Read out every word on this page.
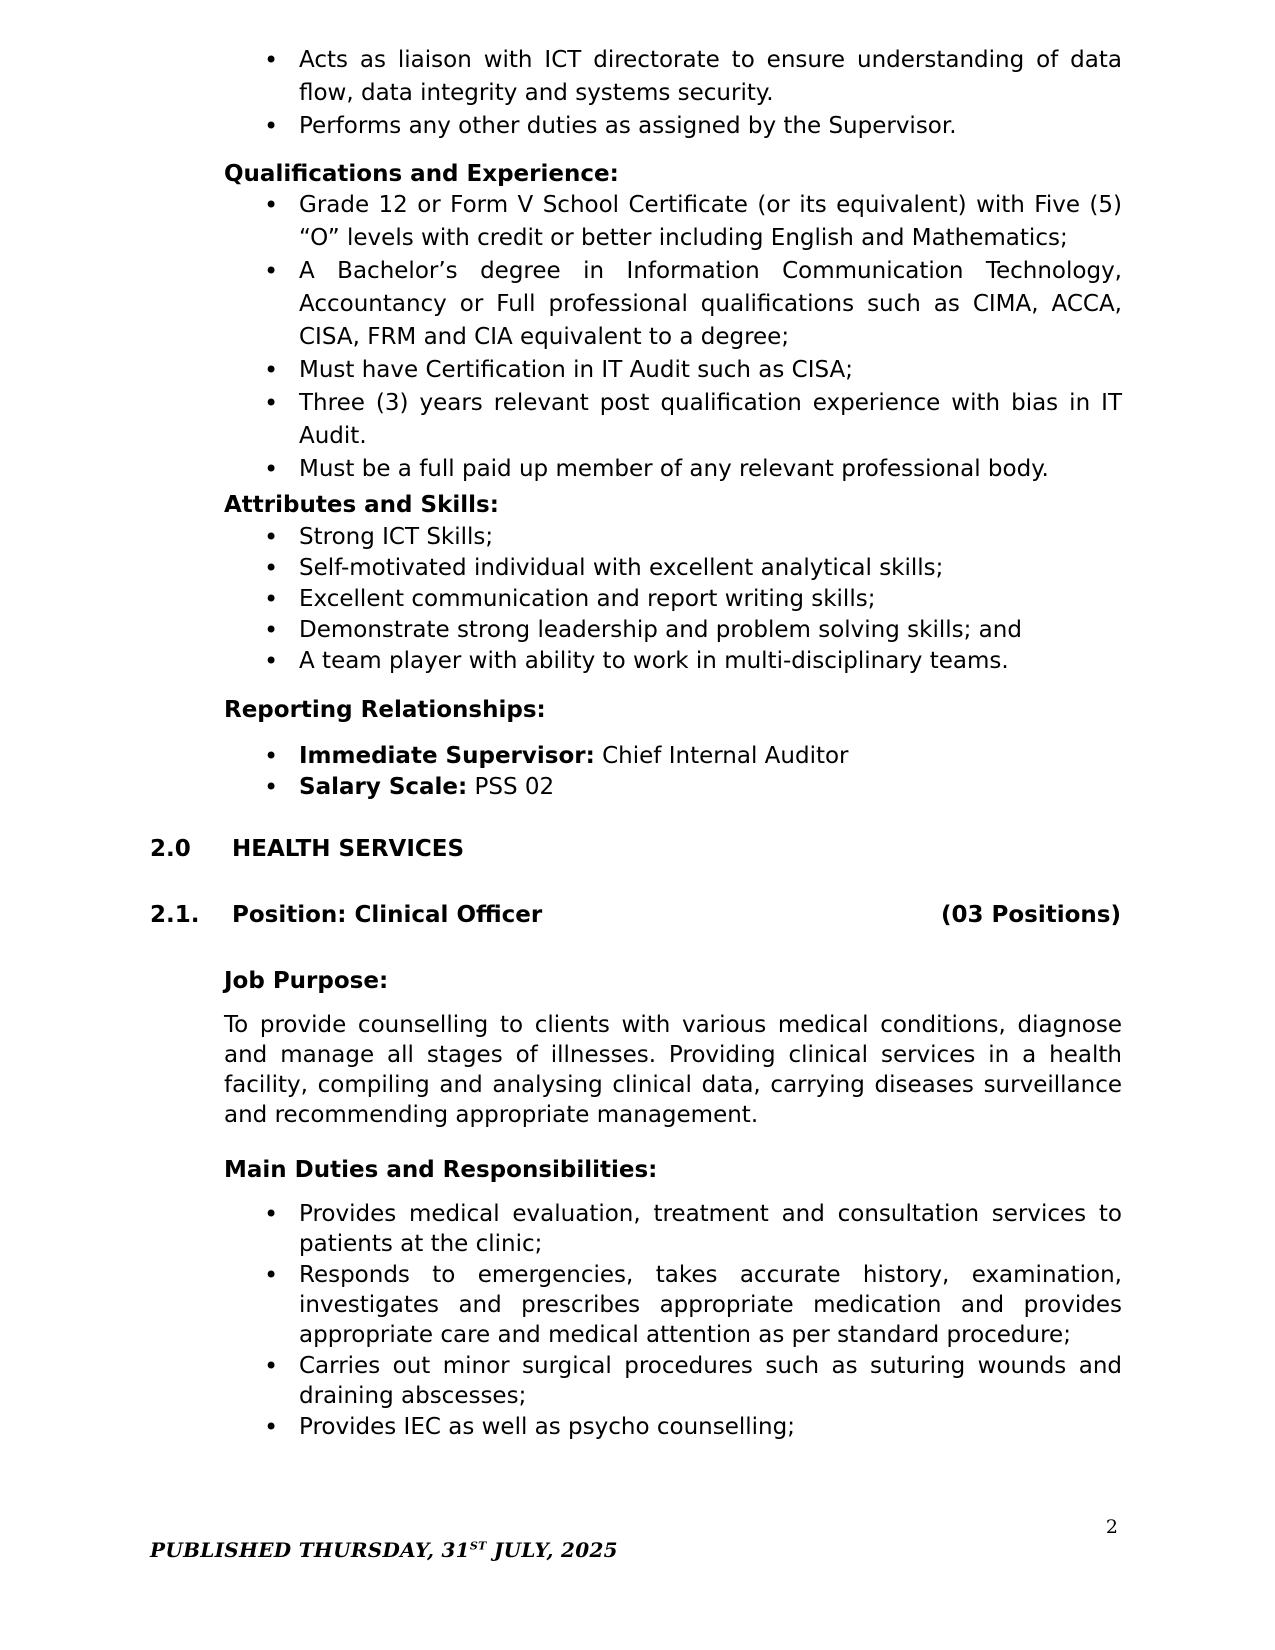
• Acts as liaison with ICT directorate to ensure understanding of data flow, data integrity and systems security.
• Performs any other duties as assigned by the Supervisor.
Qualifications and Experience:
• Grade 12 or Form V School Certificate (or its equivalent) with Five (5) “O” levels with credit or better including English and Mathematics;
• A Bachelor’s degree in Information Communication Technology, Accountancy or Full professional qualifications such as CIMA, ACCA, CISA, FRM and CIA equivalent to a degree;
• Must have Certification in IT Audit such as CISA;
• Three (3) years relevant post qualification experience with bias in IT Audit.
• Must be a full paid up member of any relevant professional body.
Attributes and Skills:
• Strong ICT Skills;
• Self-motivated individual with excellent analytical skills;
• Excellent communication and report writing skills;
• Demonstrate strong leadership and problem solving skills; and
• A team player with ability to work in multi-disciplinary teams.
Reporting Relationships:
• Immediate Supervisor: Chief Internal Auditor
• Salary Scale: PSS 02
2.0 HEALTH SERVICES
2.1. Position: Clinical Officer	(03 Positions)
Job Purpose:
To provide counselling to clients with various medical conditions, diagnose and manage all stages of illnesses. Providing clinical services in a health facility, compiling and analysing clinical data, carrying diseases surveillance and recommending appropriate management.
Main Duties and Responsibilities:
• Provides medical evaluation, treatment and consultation services to patients at the clinic;
• Responds to emergencies, takes accurate history, examination, investigates and prescribes appropriate medication and provides appropriate care and medical attention as per standard procedure;
• Carries out minor surgical procedures such as suturing wounds and draining abscesses;
• Provides IEC as well as psycho counselling;
2
PUBLISHED THURSDAY, 31ST JULY, 2025
